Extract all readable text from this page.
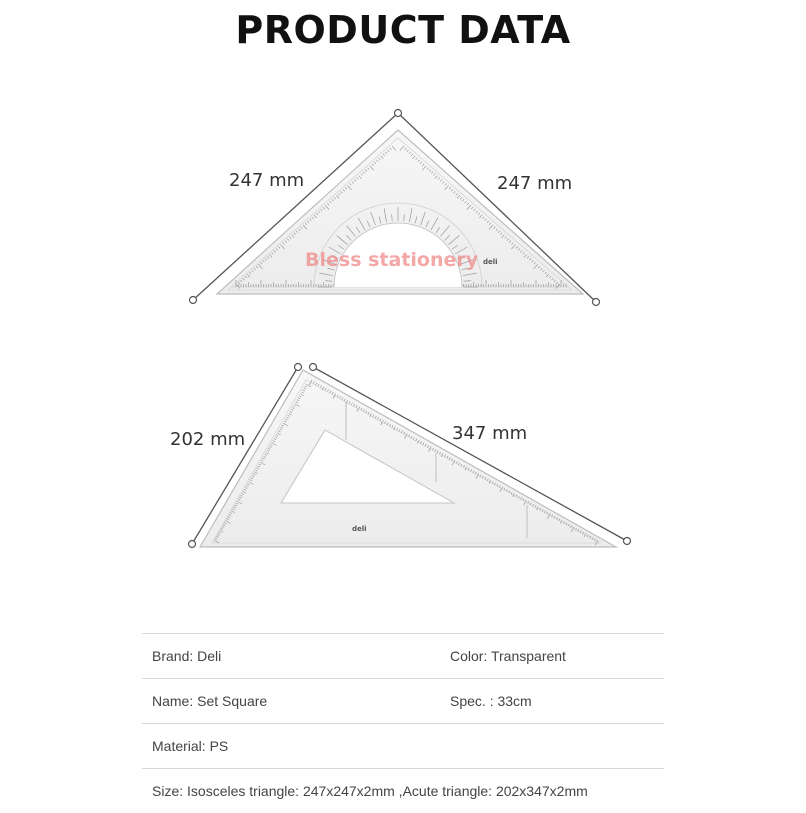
PRODUCT DATA
Bless stationery deli
247 mm	247 mm
deli
202 mm	347 mm
Brand: Deli	Color: Transparent
Name: Set Square	Spec. : 33cm
Material: PS
Size: Isosceles triangle: 247x247x2mm ,Acute triangle: 202x347x2mm
